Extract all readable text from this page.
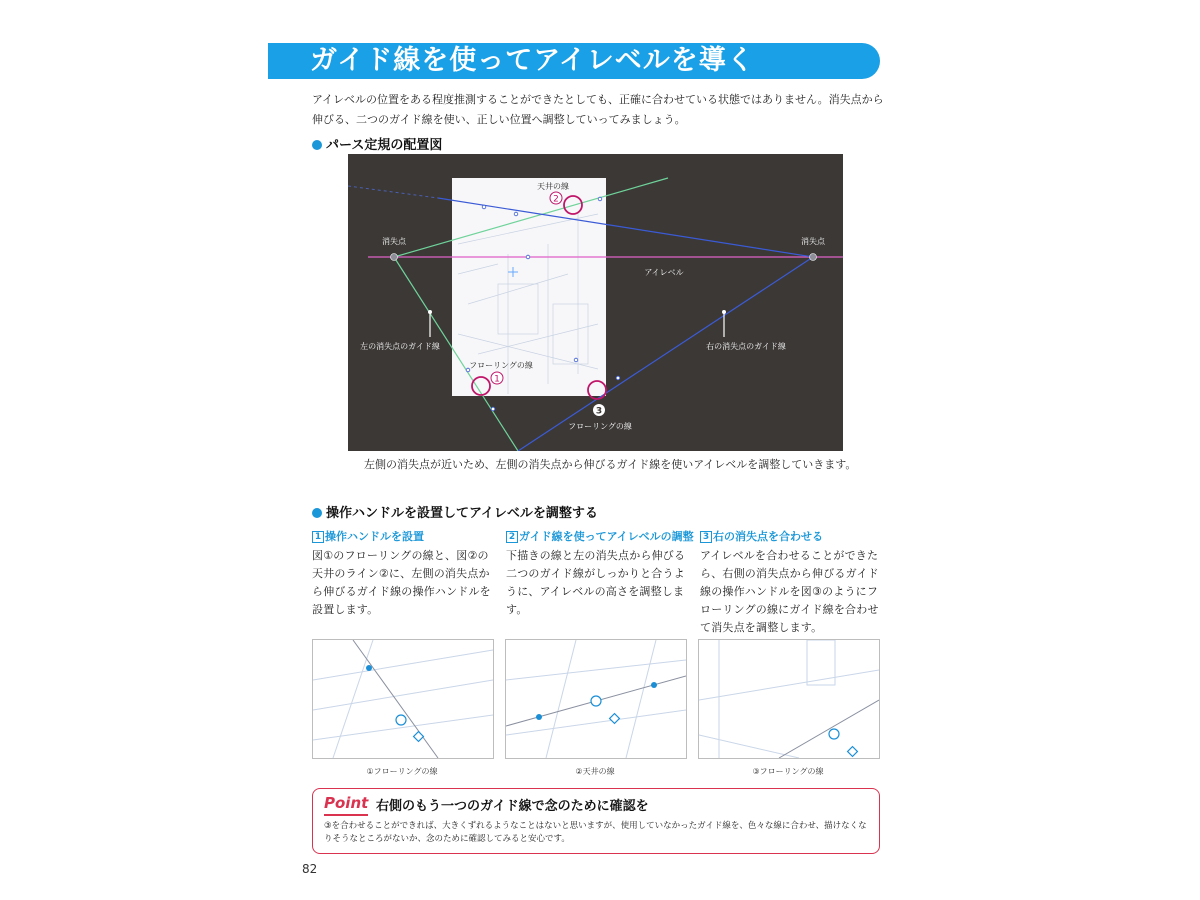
ガイド線を使ってアイレベルを導く
アイレベルの位置をある程度推測することができたとしても、正確に合わせている状態ではありません。消失点から伸びる、二つのガイド線を使い、正しい位置へ調整していってみましょう。
パース定規の配置図
2
1
3
天井の線
消失点	消失点
アイレベル
左の消失点のガイド線	右の消失点のガイド線
フローリングの線
フローリングの線
左側の消失点が近いため、左側の消失点から伸びるガイド線を使いアイレベルを調整していきます。
操作ハンドルを設置してアイレベルを調整する
1 操作ハンドルを設置
図①のフローリングの線と、図②の天井のライン②に、左側の消失点から伸びるガイド線の操作ハンドルを設置します。
2 ガイド線を使ってアイレベルの調整
下描きの線と左の消失点から伸びる二つのガイド線がしっかりと合うように、アイレベルの高さを調整します。
3 右の消失点を合わせる
アイレベルを合わせることができたら、右側の消失点から伸びるガイド線の操作ハンドルを図③のようにフローリングの線にガイド線を合わせて消失点を調整します。
①フローリングの線	②天井の線	③フローリングの線
Point 右側のもう一つのガイド線で念のために確認を
③を合わせることができれば、大きくずれるようなことはないと思いますが、使用していなかったガイド線を、色々な線に合わせ、描けなくなりそうなところがないか、念のために確認してみると安心です。
82
